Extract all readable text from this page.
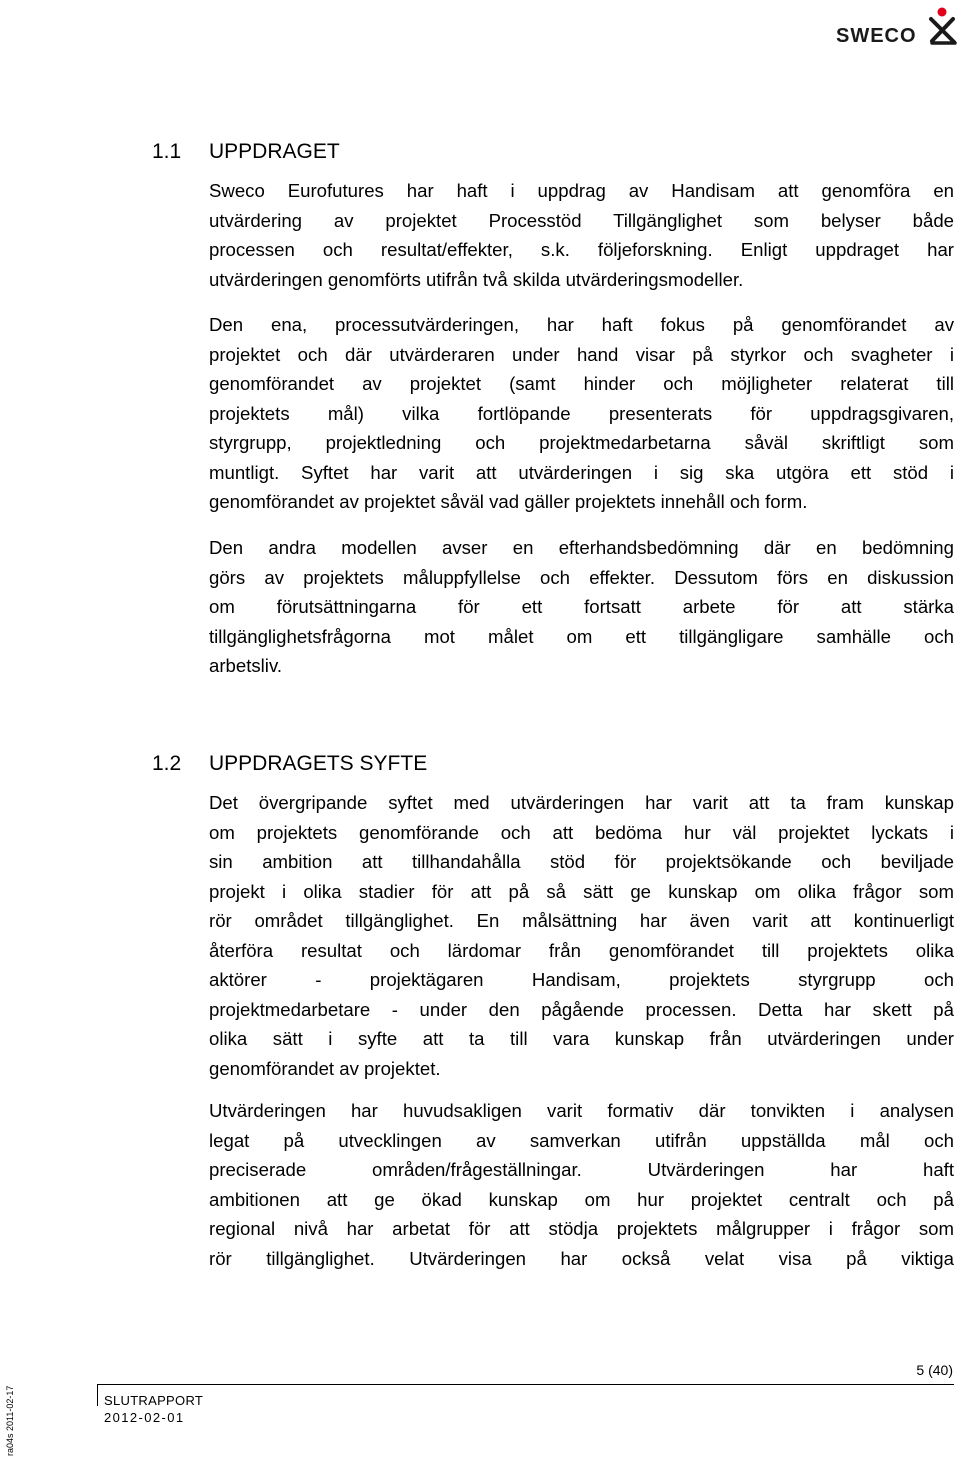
SWECO
1.1 UPPDRAGET

Sweco Eurofutures har haft i uppdrag av Handisam att genomföra en
utvärdering av projektet Processtöd Tillgänglighet som belyser både
processen och resultat/effekter, s.k. följeforskning. Enligt uppdraget har
utvärderingen genomförts utifrån två skilda utvärderingsmodeller.

Den ena, processutvärderingen, har haft fokus på genomförandet av
projektet och där utvärderaren under hand visar på styrkor och svagheter i
genomförandet av projektet (samt hinder och möjligheter relaterat till
projektets mål) vilka fortlöpande presenterats för uppdragsgivaren,
styrgrupp, projektledning och projektmedarbetarna såväl skriftligt som
muntligt. Syftet har varit att utvärderingen i sig ska utgöra ett stöd i
genomförandet av projektet såväl vad gäller projektets innehåll och form.

Den andra modellen avser en efterhandsbedömning där en bedömning
görs av projektets måluppfyllelse och effekter. Dessutom förs en diskussion
om förutsättningarna för ett fortsatt arbete för att stärka
tillgänglighetsfrågorna mot målet om ett tillgängligare samhälle och
arbetsliv.

1.2 UPPDRAGETS SYFTE

Det övergripande syftet med utvärderingen har varit att ta fram kunskap
om projektets genomförande och att bedöma hur väl projektet lyckats i
sin ambition att tillhandahålla stöd för projektsökande och beviljade
projekt i olika stadier för att på så sätt ge kunskap om olika frågor som
rör området tillgänglighet. En målsättning har även varit att kontinuerligt
återföra resultat och lärdomar från genomförandet till projektets olika
aktörer - projektägaren Handisam, projektets styrgrupp och
projektmedarbetare - under den pågående processen. Detta har skett på
olika sätt i syfte att ta till vara kunskap från utvärderingen under
genomförandet av projektet.

Utvärderingen har huvudsakligen varit formativ där tonvikten i analysen
legat på utvecklingen av samverkan utifrån uppställda mål och
preciserade områden/frågeställningar. Utvärderingen har haft
ambitionen att ge ökad kunskap om hur projektet centralt och på
regional nivå har arbetat för att stödja projektets målgrupper i frågor som
rör tillgänglighet. Utvärderingen har också velat visa på viktiga

ra04s 2011-02-17
5 (40)
SLUTRAPPORT
2012-02-01
